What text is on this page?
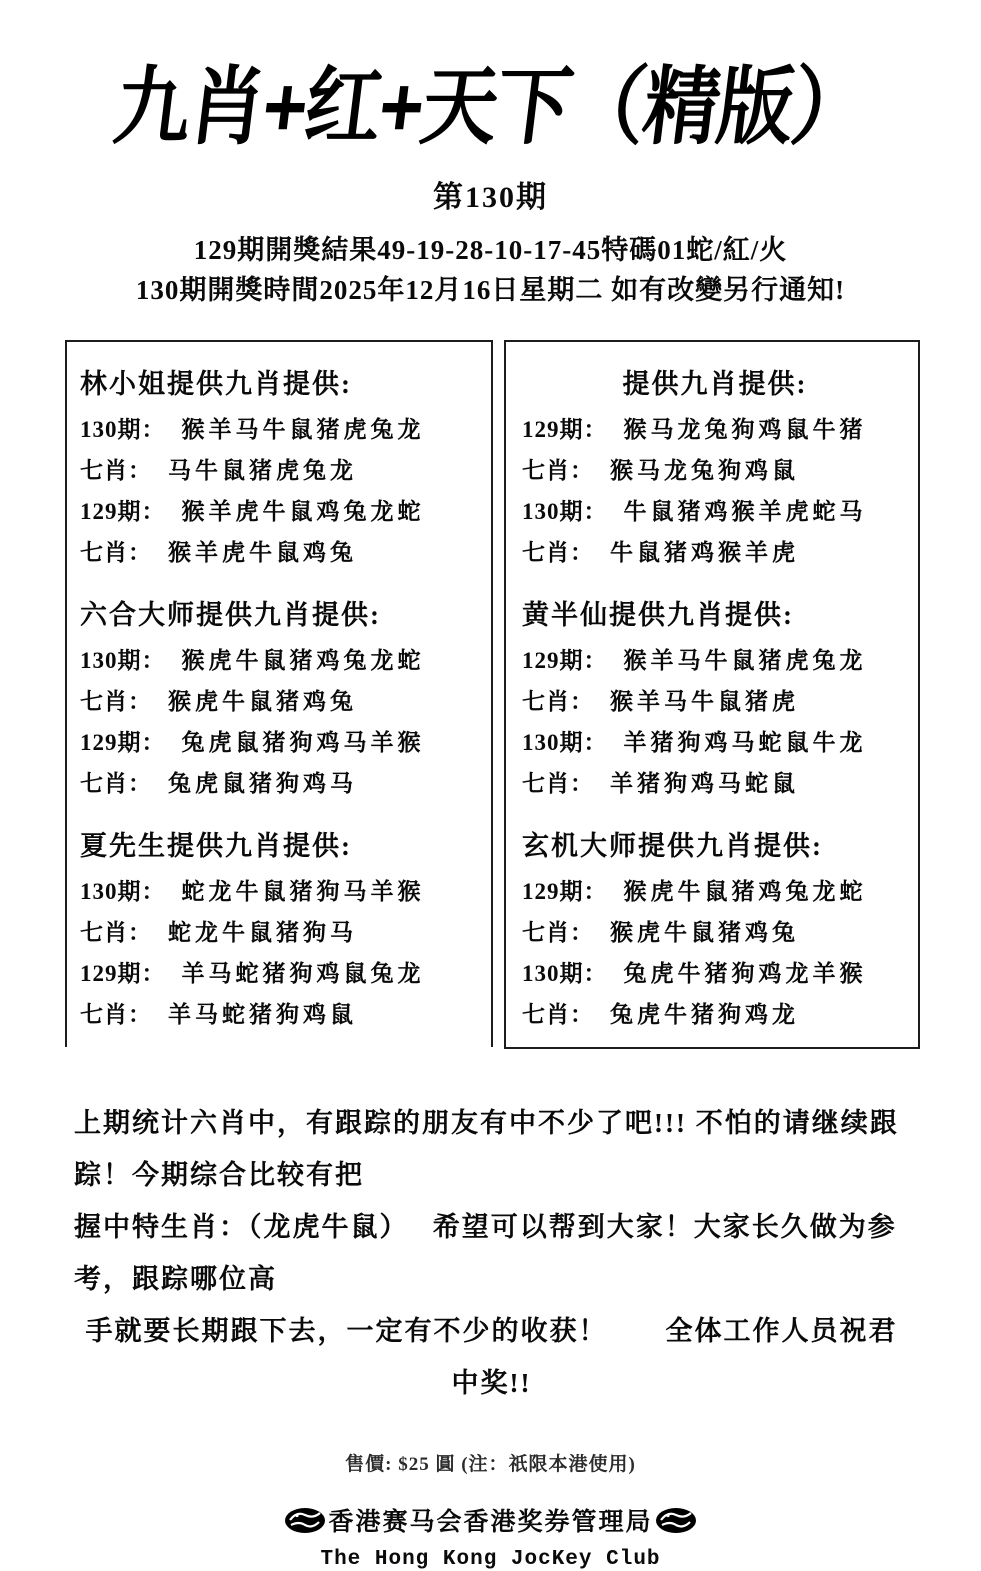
九肖+红+天下（精版）
第130期
129期開獎結果49-19-28-10-17-45特碼01蛇/紅/火
130期開獎時間2025年12月16日星期二 如有改變另行通知!
林小姐提供九肖提供:
130期： 猴羊马牛鼠猪虎兔龙
七肖： 马牛鼠猪虎兔龙
129期： 猴羊虎牛鼠鸡兔龙蛇
七肖： 猴羊虎牛鼠鸡兔
六合大师提供九肖提供:
130期： 猴虎牛鼠猪鸡兔龙蛇
七肖： 猴虎牛鼠猪鸡兔
129期： 兔虎鼠猪狗鸡马羊猴
七肖： 兔虎鼠猪狗鸡马
夏先生提供九肖提供:
130期： 蛇龙牛鼠猪狗马羊猴
七肖： 蛇龙牛鼠猪狗马
129期： 羊马蛇猪狗鸡鼠兔龙
七肖： 羊马蛇猪狗鸡鼠
提供九肖提供:
129期： 猴马龙兔狗鸡鼠牛猪
七肖： 猴马龙兔狗鸡鼠
130期： 牛鼠猪鸡猴羊虎蛇马
七肖： 牛鼠猪鸡猴羊虎
黄半仙提供九肖提供:
129期： 猴羊马牛鼠猪虎兔龙
七肖： 猴羊马牛鼠猪虎
130期： 羊猪狗鸡马蛇鼠牛龙
七肖： 羊猪狗鸡马蛇鼠
玄机大师提供九肖提供:
129期： 猴虎牛鼠猪鸡兔龙蛇
七肖： 猴虎牛鼠猪鸡兔
130期： 兔虎牛猪狗鸡龙羊猴
七肖： 兔虎牛猪狗鸡龙
上期统计六肖中，有跟踪的朋友有中不少了吧!!! 不怕的请继续跟踪！今期综合比较有把
握中特生肖：（龙虎牛鼠）　 希望可以帮到大家！大家长久做为参考，跟踪哪位高
手就要长期跟下去，一定有不少的收获！　　全体工作人员祝君中奖!!
售價: $25 圓 (注：祇限本港使用)
香港赛马会香港奖券管理局
The Hong Kong JocKey Club
